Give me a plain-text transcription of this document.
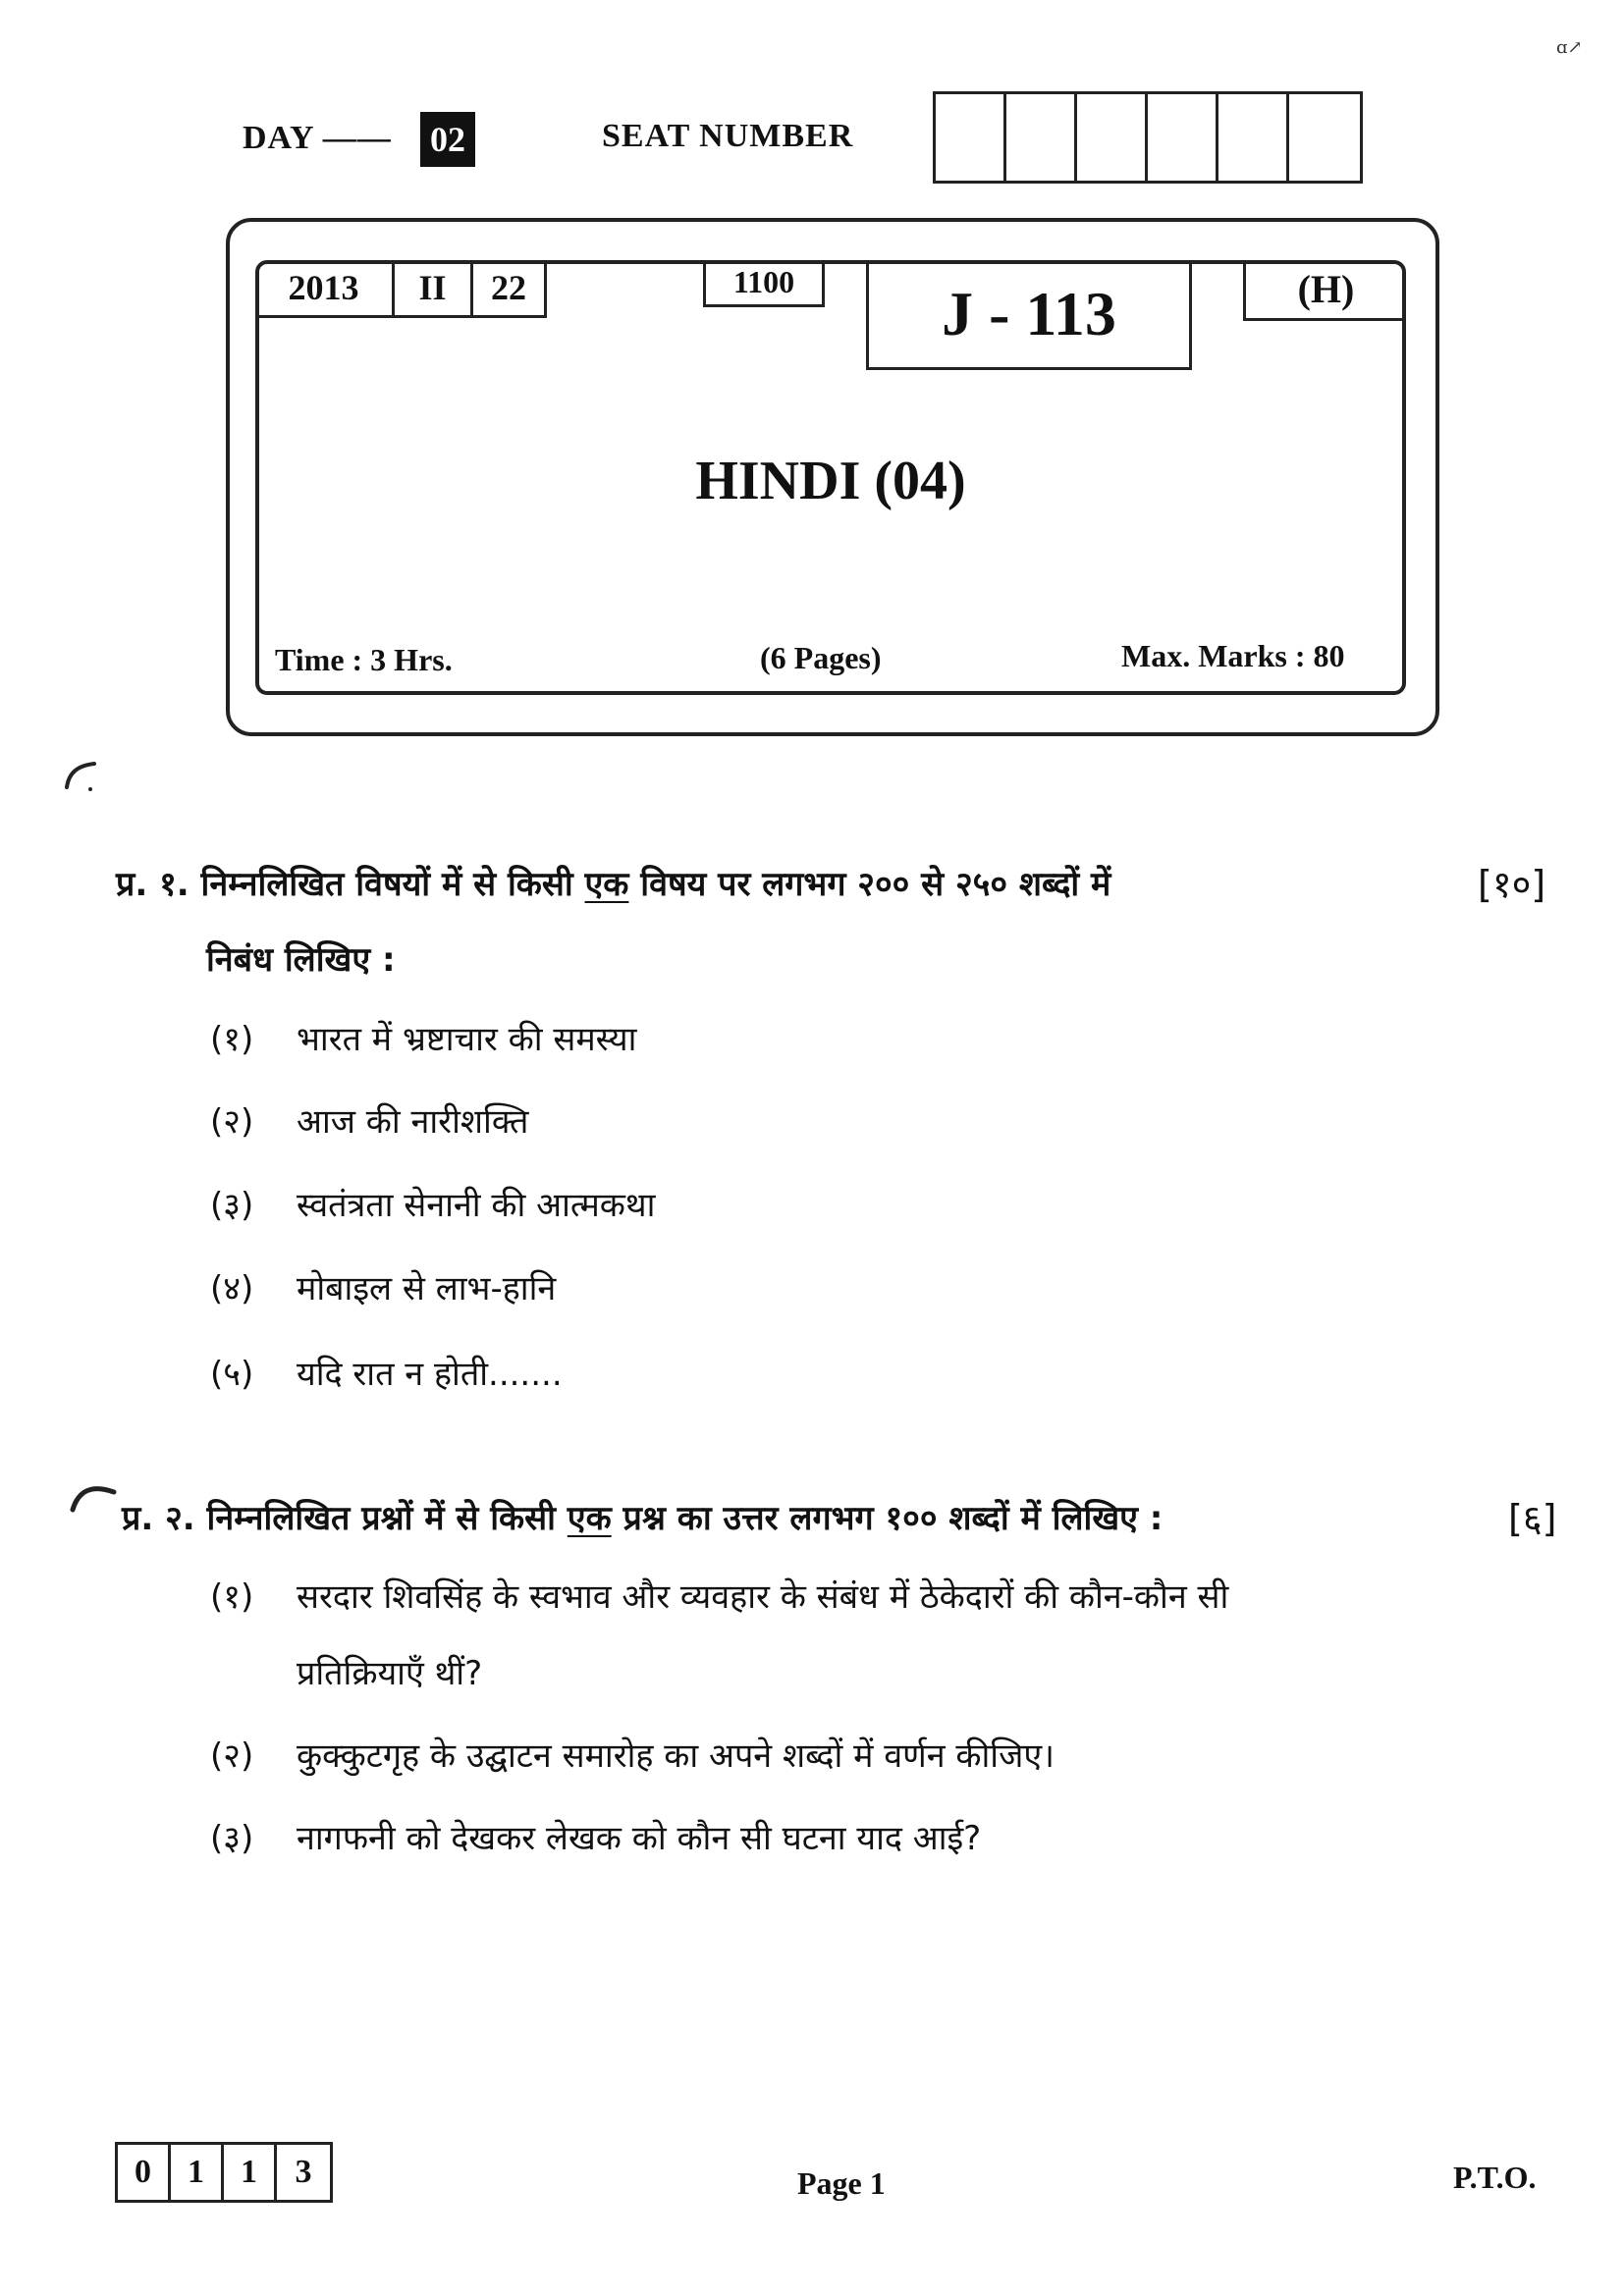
ɑ↗
DAY —— 02	SEAT NUMBER
2013	II	22	1100	J - 113	(H)
HINDI (04)
Time : 3 Hrs.	(6 Pages)	Max. Marks : 80
प्र. १. निम्नलिखित विषयों में से किसी एक विषय पर लगभग २०० से २५० शब्दों में
निबंध लिखिए :
[१०]
(१) भारत में भ्रष्टाचार की समस्या
(२) आज की नारीशक्ति
(३) स्वतंत्रता सेनानी की आत्मकथा
(४) मोबाइल से लाभ-हानि
(५) यदि रात न होती.......
प्र. २. निम्नलिखित प्रश्नों में से किसी एक प्रश्न का उत्तर लगभग १०० शब्दों में लिखिए :	[६]
(१) सरदार शिवसिंह के स्वभाव और व्यवहार के संबंध में ठेकेदारों की कौन-कौन सी
प्रतिक्रियाएँ थीं?
(२) कुक्कुटगृह के उद्घाटन समारोह का अपने शब्दों में वर्णन कीजिए।
(३) नागफनी को देखकर लेखक को कौन सी घटना याद आई?
0	1	1	3	Page 1	P.T.O.
